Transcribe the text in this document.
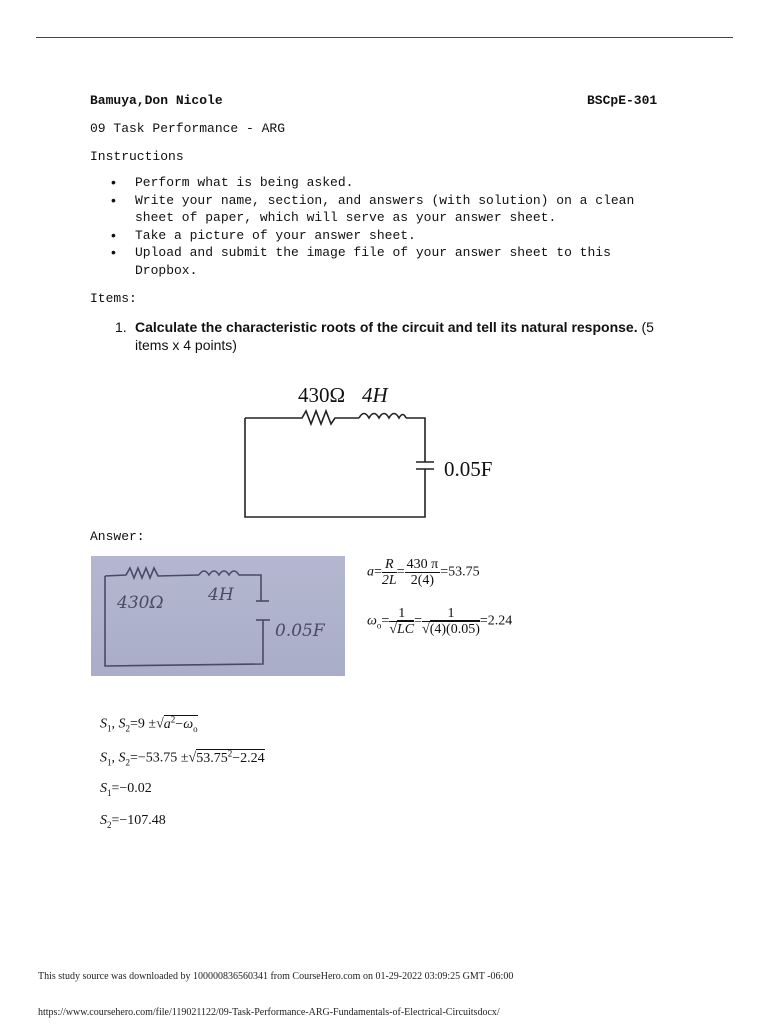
Bamuya,Don Nicole	BSCpE-301
09 Task Performance - ARG
Instructions
• Perform what is being asked.
• Write your name, section, and answers (with solution) on a clean sheet of paper, which will serve as your answer sheet.
• Take a picture of your answer sheet.
• Upload and submit the image file of your answer sheet to this Dropbox.
Items:
1. Calculate the characteristic roots of the circuit and tell its natural response. (5 items x 4 points)
430Ω 4H
0.05F
Answer:
430Ω	4H
0.05F
$a= \frac{R}{2L} = \frac{430 \pi}{2(4)} =53.75$
$\omega_o= \frac{1}{√LC} = \frac{1}{√(4)(0.05)} =2.24$
$S_1$, $S_2=9 \pm√a^2-\omega_o$
$S_1$, $S_2=-53.75 \pm√53.75^2-2.24$
$S_1=-0.02$
$S_2=-107.48$
This study source was downloaded by 100000836560341 from CourseHero.com on 01-29-2022 03:09:25 GMT -06:00
https://www.coursehero.com/file/119021122/09-Task-Performance-ARG-Fundamentals-of-Electrical-Circuitsdocx/
